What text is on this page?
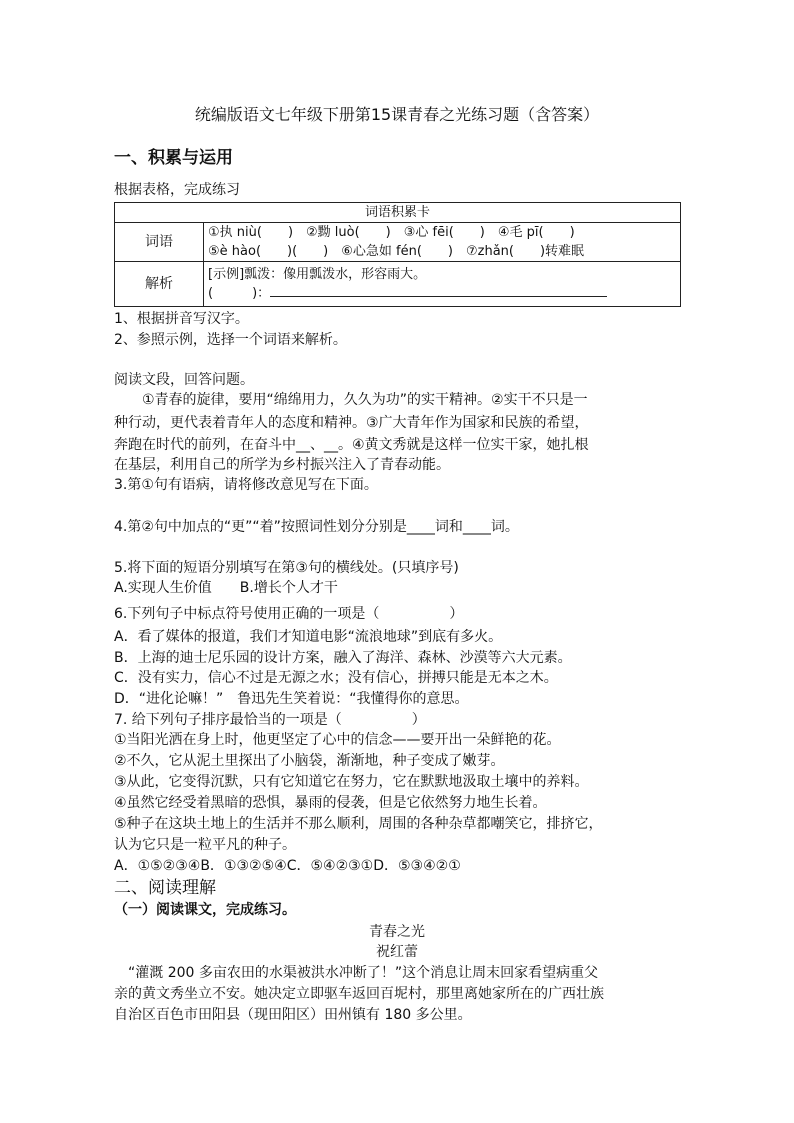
统编版语文七年级下册第15课青春之光练习题（含答案）
一、积累与运用
根据表格，完成练习
词语积累卡	
词语	①执 niù(　　)　②黝 luò(　　)　③心 fēi(　　)　④毛 pī(　　)
⑤è hào(　　)(　　)　⑥心急如 fén(　　)　⑦zhǎn(　　)转难眠

解析	[示例]瓢泼：像用瓢泼水，形容雨大。
(　　　)：
1、根据拼音写汉字。
2、参照示例，选择一个词语来解析。
阅读文段，回答问题。
　　①青春的旋律，要用“绵绵用力，久久为功”的实干精神。②实干不只是一
种行动，更代表着青年人的态度和精神。③广大青年作为国家和民族的希望，
奔跑在时代的前列，在奋斗中__、__。④黄文秀就是这样一位实干家，她扎根
在基层，利用自己的所学为乡村振兴注入了青春动能。
3.第①句有语病，请将修改意见写在下面。
4.第②句中加点的“更”“着”按照词性划分分别是____词和____词。
5.将下面的短语分别填写在第③句的横线处。(只填序号)
A.实现人生价值　　B.增长个人才干
6.下列句子中标点符号使用正确的一项是（　　　　　）
A．看了媒体的报道，我们才知道电影“流浪地球”到底有多火。
B．上海的迪士尼乐园的设计方案，融入了海洋、森林、沙漠等六大元素。
C．没有实力，信心不过是无源之水；没有信心，拼搏只能是无本之木。
D．“进化论嘛！”　鲁迅先生笑着说：“我懂得你的意思。
7. 给下列句子排序最恰当的一项是（　　　　　）
①当阳光洒在身上时，他更坚定了心中的信念——要开出一朵鲜艳的花。
②不久，它从泥土里探出了小脑袋，渐渐地，种子变成了嫩芽。
③从此，它变得沉默，只有它知道它在努力，它在默默地汲取土壤中的养料。
④虽然它经受着黑暗的恐惧，暴雨的侵袭，但是它依然努力地生长着。
⑤种子在这块土地上的生活并不那么顺利，周围的各种杂草都嘲笑它，排挤它，
认为它只是一粒平凡的种子。
A．①⑤②③④B．①③②⑤④C．⑤④②③①D．⑤③④②①
二、阅读理解
（一）阅读课文，完成练习。
青春之光
祝红蕾
　“灌溉 200 多亩农田的水渠被洪水冲断了！”这个消息让周末回家看望病重父
亲的黄文秀坐立不安。她决定立即驱车返回百坭村，那里离她家所在的广西壮族
自治区百色市田阳县（现田阳区）田州镇有 180 多公里。
